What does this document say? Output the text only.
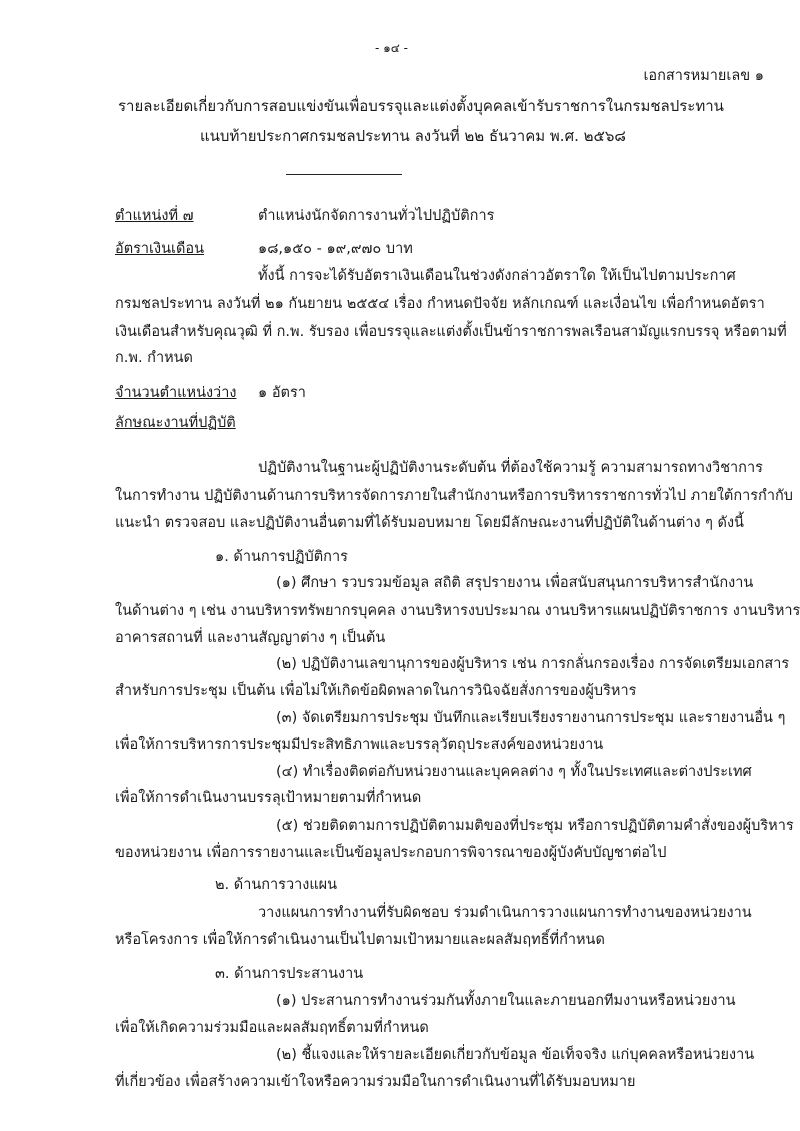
- ๑๔ -
เอกสารหมายเลข ๑
รายละเอียดเกี่ยวกับการสอบแข่งขันเพื่อบรรจุและแต่งตั้งบุคคลเข้ารับราชการในกรมชลประทาน
แนบท้ายประกาศกรมชลประทาน ลงวันที่ ๒๒ ธันวาคม พ.ศ. ๒๕๖๘
ตำแหน่งที่ ๗	ตำแหน่งนักจัดการงานทั่วไปปฏิบัติการ
อัตราเงินเดือน	๑๘,๑๕๐ - ๑๙,๙๗๐ บาท
ทั้งนี้ การจะได้รับอัตราเงินเดือนในช่วงดังกล่าวอัตราใด ให้เป็นไปตามประกาศ
กรมชลประทาน ลงวันที่ ๒๑ กันยายน ๒๕๕๔ เรื่อง กำหนดปัจจัย หลักเกณฑ์ และเงื่อนไข เพื่อกำหนดอัตรา
เงินเดือนสำหรับคุณวุฒิ ที่ ก.พ. รับรอง เพื่อบรรจุและแต่งตั้งเป็นข้าราชการพลเรือนสามัญแรกบรรจุ หรือตามที่
ก.พ. กำหนด
จำนวนตำแหน่งว่าง ๑ อัตรา
ลักษณะงานที่ปฏิบัติ
ปฏิบัติงานในฐานะผู้ปฏิบัติงานระดับต้น ที่ต้องใช้ความรู้ ความสามารถทางวิชาการ
ในการทำงาน ปฏิบัติงานด้านการบริหารจัดการภายในสำนักงานหรือการบริหารราชการทั่วไป ภายใต้การกำกับ
แนะนำ ตรวจสอบ และปฏิบัติงานอื่นตามที่ได้รับมอบหมาย โดยมีลักษณะงานที่ปฏิบัติในด้านต่าง ๆ ดังนี้
๑. ด้านการปฏิบัติการ
(๑) ศึกษา รวบรวมข้อมูล สถิติ สรุปรายงาน เพื่อสนับสนุนการบริหารสำนักงาน
ในด้านต่าง ๆ เช่น งานบริหารทรัพยากรบุคคล งานบริหารงบประมาณ งานบริหารแผนปฏิบัติราชการ งานบริหาร
อาคารสถานที่ และงานสัญญาต่าง ๆ เป็นต้น
(๒) ปฏิบัติงานเลขานุการของผู้บริหาร เช่น การกลั่นกรองเรื่อง การจัดเตรียมเอกสาร
สำหรับการประชุม เป็นต้น เพื่อไม่ให้เกิดข้อผิดพลาดในการวินิจฉัยสั่งการของผู้บริหาร
(๓) จัดเตรียมการประชุม บันทึกและเรียบเรียงรายงานการประชุม และรายงานอื่น ๆ
เพื่อให้การบริหารการประชุมมีประสิทธิภาพและบรรลุวัตถุประสงค์ของหน่วยงาน
(๔) ทำเรื่องติดต่อกับหน่วยงานและบุคคลต่าง ๆ ทั้งในประเทศและต่างประเทศ
เพื่อให้การดำเนินงานบรรลุเป้าหมายตามที่กำหนด
(๕) ช่วยติดตามการปฏิบัติตามมติของที่ประชุม หรือการปฏิบัติตามคำสั่งของผู้บริหาร
ของหน่วยงาน เพื่อการรายงานและเป็นข้อมูลประกอบการพิจารณาของผู้บังคับบัญชาต่อไป
๒. ด้านการวางแผน
วางแผนการทำงานที่รับผิดชอบ ร่วมดำเนินการวางแผนการทำงานของหน่วยงาน
หรือโครงการ เพื่อให้การดำเนินงานเป็นไปตามเป้าหมายและผลสัมฤทธิ์ที่กำหนด
๓. ด้านการประสานงาน
(๑) ประสานการทำงานร่วมกันทั้งภายในและภายนอกทีมงานหรือหน่วยงาน
เพื่อให้เกิดความร่วมมือและผลสัมฤทธิ์ตามที่กำหนด
(๒) ชี้แจงและให้รายละเอียดเกี่ยวกับข้อมูล ข้อเท็จจริง แก่บุคคลหรือหน่วยงาน
ที่เกี่ยวข้อง เพื่อสร้างความเข้าใจหรือความร่วมมือในการดำเนินงานที่ได้รับมอบหมาย
